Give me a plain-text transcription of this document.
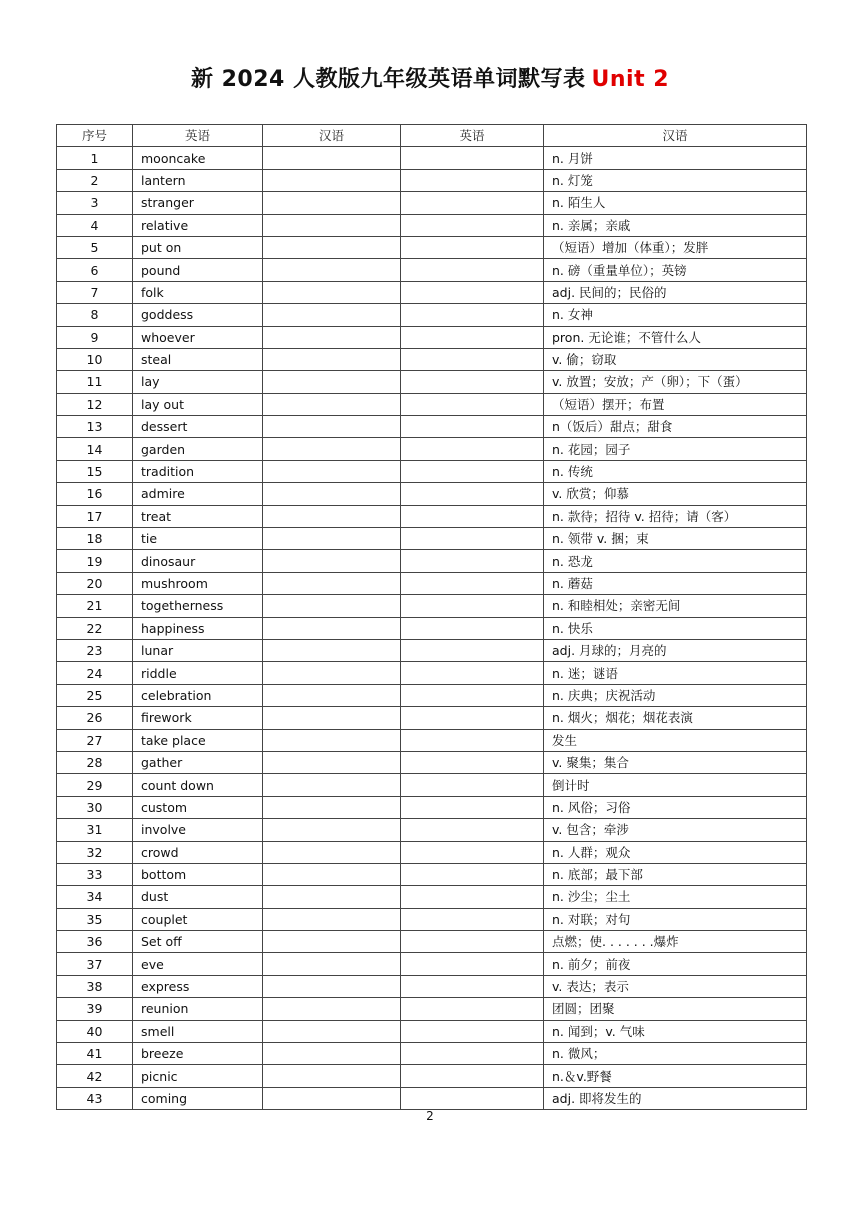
新 2024 人教版九年级英语单词默写表 Unit 2
序号	英语	汉语	英语	汉语
1	mooncake			n. 月饼
2	lantern			n. 灯笼
3	stranger			n. 陌生人
4	relative			n. 亲属；亲戚
5	put on			（短语）增加（体重）；发胖
6	pound			n. 磅（重量单位）；英镑
7	folk			adj. 民间的；民俗的
8	goddess			n. 女神
9	whoever			pron. 无论谁；不管什么人
10	steal			v. 偷；窃取
11	lay			v. 放置；安放；产（卵）；下（蛋）
12	lay out			（短语）摆开；布置
13	dessert			n（饭后）甜点；甜食
14	garden			n. 花园；园子
15	tradition			n. 传统
16	admire			v. 欣赏；仰慕
17	treat			n. 款待；招待 v. 招待；请（客）
18	tie			n. 领带 v. 捆；束
19	dinosaur			n. 恐龙
20	mushroom			n. 蘑菇
21	togetherness			n. 和睦相处；亲密无间
22	happiness			n. 快乐
23	lunar			adj. 月球的；月亮的
24	riddle			n. 迷；谜语
25	celebration			n. 庆典；庆祝活动
26	firework			n. 烟火；烟花；烟花表演
27	take place			发生
28	gather			v. 聚集；集合
29	count down			倒计时
30	custom			n. 风俗；习俗
31	involve			v. 包含；牵涉
32	crowd			n. 人群；观众
33	bottom			n. 底部；最下部
34	dust			n. 沙尘；尘土
35	couplet			n. 对联；对句
36	Set off			点燃；使. . . . . . .爆炸
37	eve			n. 前夕；前夜
38	express			v. 表达；表示
39	reunion			团圆；团聚
40	smell			n. 闻到；v. 气味
41	breeze			n. 微风；
42	picnic			n.＆v.野餐
43	coming			adj. 即将发生的
2
